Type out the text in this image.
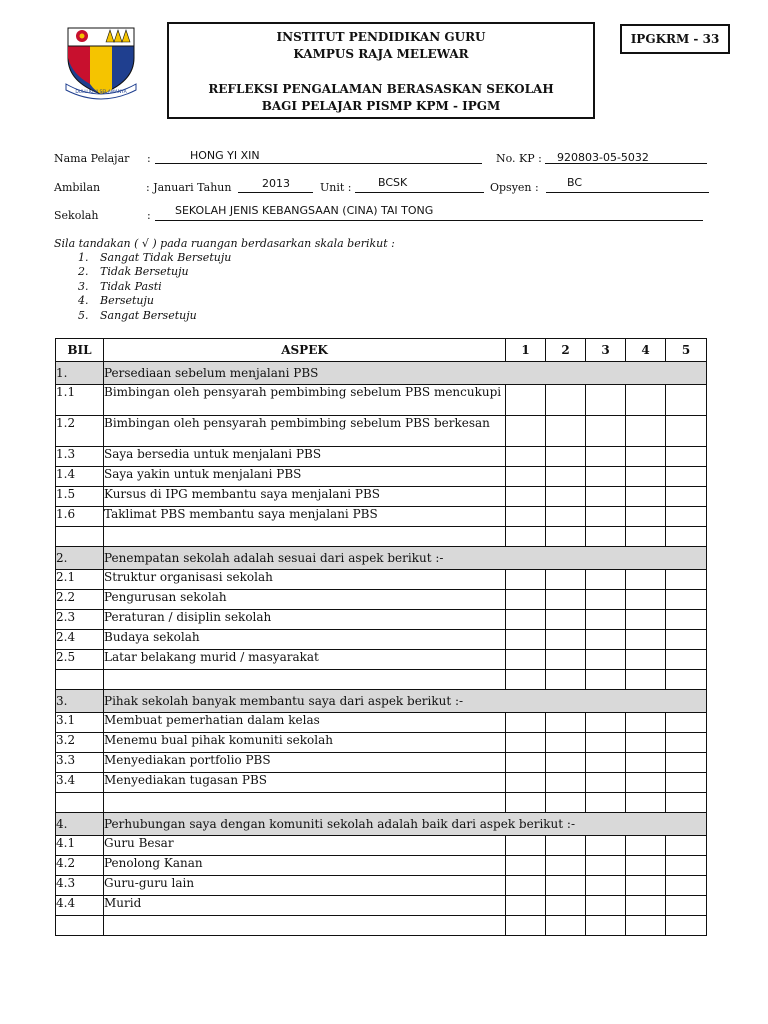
DULU KINI SELAMANYA
INSTITUT PENDIDIKAN GURU
KAMPUS RAJA MELEWAR
REFLEKSI PENGALAMAN BERASASKAN SEKOLAH
BAGI PELAJAR PISMP KPM - IPGM
IPGKRM - 33
Nama Pelajar :	HONG YI XIN	No. KP : 920803-05-5032
Ambilan	: Januari Tahun	2013	Unit : BCSK	Opsyen :	BC
Sekolah	: SEKOLAH JENIS KEBANGSAAN (CINA) TAI TONG
Sila tandakan ( √ ) pada ruangan berdasarkan skala berikut :
1. Sangat Tidak Bersetuju
2. Tidak Bersetuju
3. Tidak Pasti
4. Bersetuju
5. Sangat Bersetuju
BIL	ASPEK	1	2	3	4	5
1.	Persediaan sebelum menjalani PBS					
1.1	Bimbingan oleh pensyarah pembimbing sebelum PBS mencukupi					
1.2	Bimbingan oleh pensyarah pembimbing sebelum PBS berkesan					
1.3	Saya bersedia untuk menjalani PBS					
1.4	Saya yakin untuk menjalani PBS					
1.5	Kursus di IPG membantu saya menjalani PBS					
1.6	Taklimat PBS membantu saya menjalani PBS					

2.	Penempatan sekolah adalah sesuai dari aspek berikut :-					
2.1	Struktur organisasi sekolah					
2.2	Pengurusan sekolah					
2.3	Peraturan / disiplin sekolah					
2.4	Budaya sekolah					
2.5	Latar belakang murid / masyarakat					

3.	Pihak sekolah banyak membantu saya dari aspek berikut :-					
3.1	Membuat pemerhatian dalam kelas					
3.2	Menemu bual pihak komuniti sekolah					
3.3	Menyediakan portfolio PBS					
3.4	Menyediakan tugasan PBS					

4.	Perhubungan saya dengan komuniti sekolah adalah baik dari aspek berikut :-					
4.1	Guru Besar					
4.2	Penolong Kanan					
4.3	Guru-guru lain					
4.4	Murid					
